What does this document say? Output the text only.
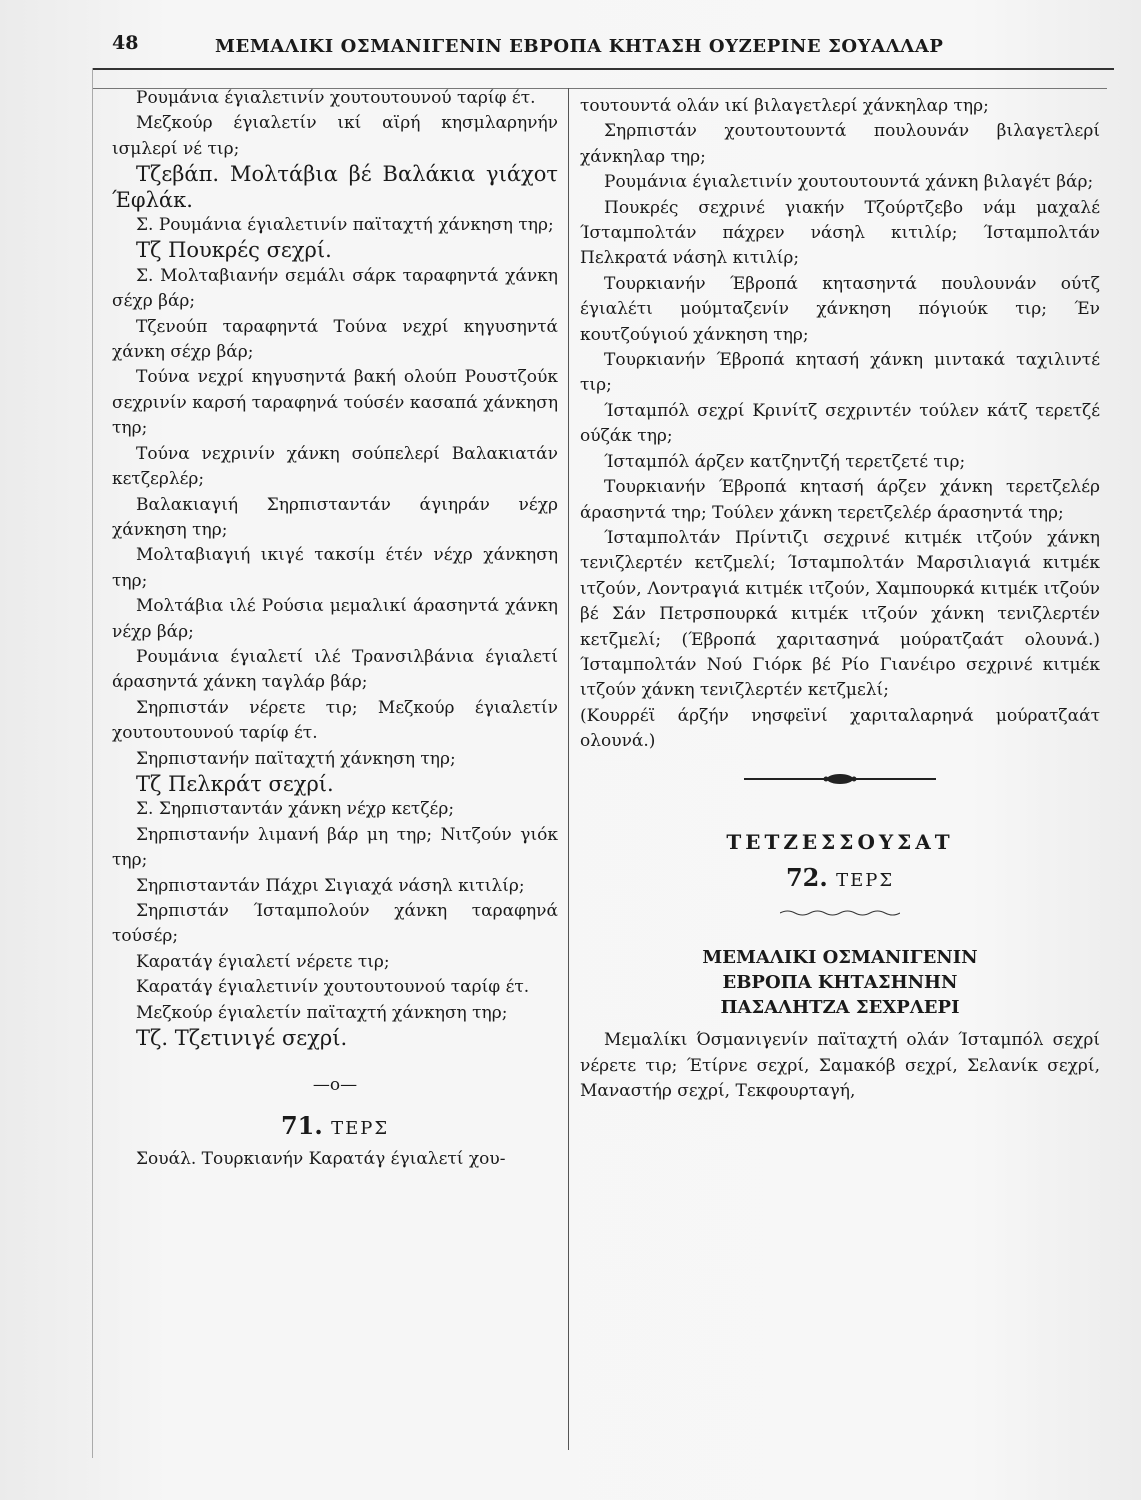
48	ΜΕΜΑΛΙΚΙ ΟΣΜΑΝΙΓΕΝΙΝ ΕΒΡΟΠΑ ΚΗΤΑΣΗ ΟΥΖΕΡΙΝΕ ΣΟΥΑΛΛΑΡ

Ρουμάνια έγιαλετινίν χουτουτουνού ταρίφ έτ.

Μεζκούρ έγιαλετίν ικί αϊρή κησμλαρηνήν ισμλερί νέ τιρ;

Τζεβάπ. Μολτάβια βέ Βαλάκια γιάχοτ Έφλάκ.

Σ. Ρουμάνια έγιαλετινίν παϊταχτή χάνκηση τηρ;

Τζ Πουκρές σεχρί.

Σ. Μολταβιανήν σεμάλι σάρκ ταραφηντά χάνκη σέχρ βάρ;

Τζενούπ ταραφηντά Τούνα νεχρί κηγυσηντά χάνκη σέχρ βάρ;

Τούνα νεχρί κηγυσηντά βακή ολούπ Ρουστζούκ σεχρινίν καρσή ταραφηνά τούσέν κασαπά χάνκηση τηρ;

Τούνα νεχρινίν χάνκη σούπελερί Βαλακιατάν κετζερλέρ;

Βαλακιαγιή Σηρπισταντάν άγιηράν νέχρ χάνκηση τηρ;

Μολταβιαγιή ικιγέ τακσίμ έτέν νέχρ χάνκηση τηρ;

Μολτάβια ιλέ Ρούσια μεμαλικί άρασηντά χάνκη νέχρ βάρ;

Ρουμάνια έγιαλετί ιλέ Τρανσιλβάνια έγιαλετί άρασηντά χάνκη ταγλάρ βάρ;

Σηρπιστάν νέρετε τιρ; Μεζκούρ έγιαλετίν χουτουτουνού ταρίφ έτ.

Σηρπιστανήν παϊταχτή χάνκηση τηρ;

Τζ Πελκράτ σεχρί.

Σ. Σηρπισταντάν χάνκη νέχρ κετζέρ;

Σηρπιστανήν λιμανή βάρ μη τηρ; Νιτζούν γιόκ τηρ;

Σηρπισταντάν Πάχρι Σιγιαχά νάσηλ κιτιλίρ;

Σηρπιστάν Ίσταμπολούν χάνκη ταραφηνά τούσέρ;

Καρατάγ έγιαλετί νέρετε τιρ;

Καρατάγ έγιαλετινίν χουτουτουνού ταρίφ έτ.

Μεζκούρ έγιαλετίν παϊταχτή χάνκηση τηρ;

Τζ. Τζετινιγέ σεχρί.

—ο—
71. ΤΕΡΣ

Σουάλ. Τουρκιανήν Καρατάγ έγιαλετί χου-

τουτουντά ολάν ικί βιλαγετλερί χάνκηλαρ τηρ;

Σηρπιστάν χουτουτουντά πουλουνάν βιλαγετλερί χάνκηλαρ τηρ;

Ρουμάνια έγιαλετινίν χουτουτουντά χάνκη βιλαγέτ βάρ;

Πουκρές σεχρινέ γιακήν Τζούρτζεβο νάμ μαχαλέ Ίσταμπολτάν πάχρεν νάσηλ κιτιλίρ; Ίσταμπολτάν Πελκρατά νάσηλ κιτιλίρ;

Τουρκιανήν Έβροπά κητασηντά πουλουνάν ούτζ έγιαλέτι μούμταζενίν χάνκηση πόγιούκ τιρ; Έν κουτζούγιού χάνκηση τηρ;

Τουρκιανήν Έβροπά κητασή χάνκη μιντακά ταχιλιντέ τιρ;

Ίσταμπόλ σεχρί Κρινίτζ σεχριντέν τούλεν κάτζ τερετζέ ούζάκ τηρ;

Ίσταμπόλ άρζεν κατζηντζή τερετζετέ τιρ;

Τουρκιανήν Έβροπά κητασή άρζεν χάνκη τερετζελέρ άρασηντά τηρ; Τούλεν χάνκη τερετζελέρ άρασηντά τηρ;

Ίσταμπολτάν Πρίντιζι σεχρινέ κιτμέκ ιτζούν χάνκη τενιζλερτέν κετζμελί; Ίσταμπολτάν Μαρσιλιαγιά κιτμέκ ιτζούν, Λοντραγιά κιτμέκ ιτζούν, Χαμπουρκά κιτμέκ ιτζούν βέ Σάν Πετρσπουρκά κιτμέκ ιτζούν χάνκη τενιζλερτέν κετζμελί; (Έβροπά χαριτασηνά μούρατζαάτ ολουνά.) Ίσταμπολτάν Νού Γιόρκ βέ Ρίο Γιανέιρο σεχρινέ κιτμέκ ιτζούν χάνκη τενιζλερτέν κετζμελί;

(Κουρρέϊ άρζήν νησφεϊνί χαριταλαρηνά μούρατζαάτ ολουνά.)

ΤΕΤΖΕΣΣΟΥΣΑΤ
72. ΤΕΡΣ
ΜΕΜΑΛΙΚΙ ΟΣΜΑΝΙΓΕΝΙΝ
ΕΒΡΟΠΑ ΚΗΤΑΣΗΝΗΝ
ΠΑΣΑΛΗΤΖΑ ΣΕΧΡΛΕΡΙ

Μεμαλίκι Όσμανιγενίν παϊταχτή ολάν Ίσταμπόλ σεχρί νέρετε τιρ; Έτίρνε σεχρί, Σαμακόβ σεχρί, Σελανίκ σεχρί, Μαναστήρ σεχρί, Τεκφουρταγή,
